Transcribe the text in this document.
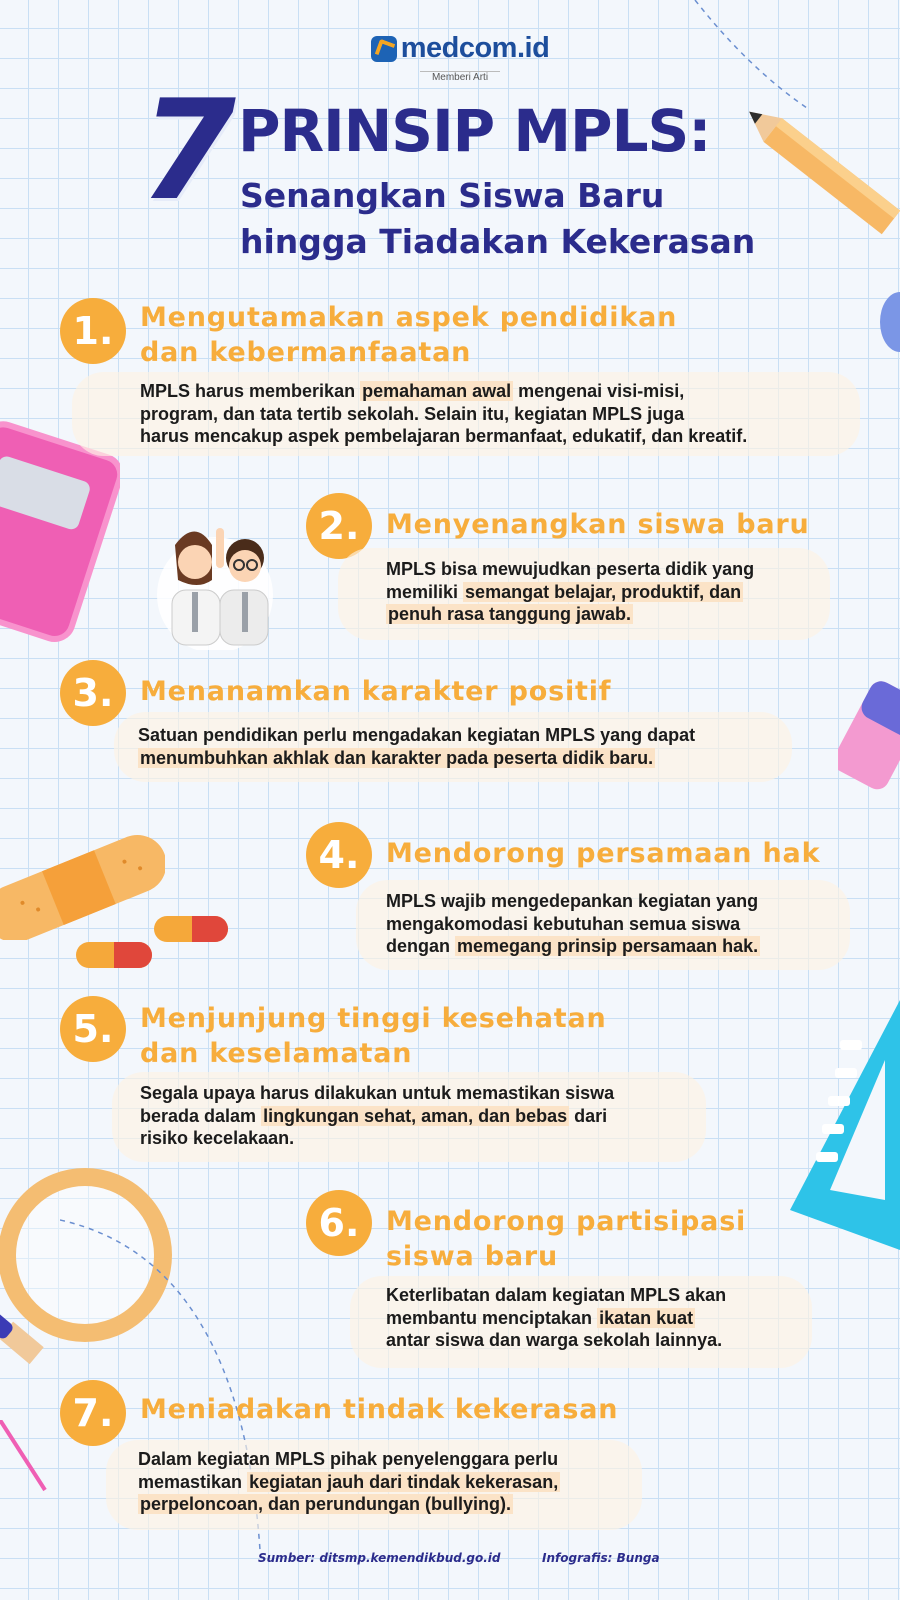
medcom.id
Memberi Arti
7 PRINSIP MPLS:
Senangkan Siswa Baru
hingga Tiadakan Kekerasan
1. Mengutamakan aspek pendidikan
dan kebermanfaatan
MPLS harus memberikan pemahaman awal mengenai visi-misi,
program, dan tata tertib sekolah. Selain itu, kegiatan MPLS juga
harus mencakup aspek pembelajaran bermanfaat, edukatif, dan kreatif.
2. Menyenangkan siswa baru
MPLS bisa mewujudkan peserta didik yang
memiliki semangat belajar, produktif, dan
penuh rasa tanggung jawab.
3. Menanamkan karakter positif
Satuan pendidikan perlu mengadakan kegiatan MPLS yang dapat
menumbuhkan akhlak dan karakter pada peserta didik baru.
4. Mendorong persamaan hak
MPLS wajib mengedepankan kegiatan yang
mengakomodasi kebutuhan semua siswa
dengan memegang prinsip persamaan hak.
5. Menjunjung tinggi kesehatan
dan keselamatan
Segala upaya harus dilakukan untuk memastikan siswa
berada dalam lingkungan sehat, aman, dan bebas dari
risiko kecelakaan.
6. Mendorong partisipasi
siswa baru
Keterlibatan dalam kegiatan MPLS akan
membantu menciptakan ikatan kuat
antar siswa dan warga sekolah lainnya.
7. Meniadakan tindak kekerasan
Dalam kegiatan MPLS pihak penyelenggara perlu
memastikan kegiatan jauh dari tindak kekerasan,
perpeloncoan, dan perundungan (bullying).
Sumber: ditsmp.kemendikbud.go.id	Infografis: Bunga
